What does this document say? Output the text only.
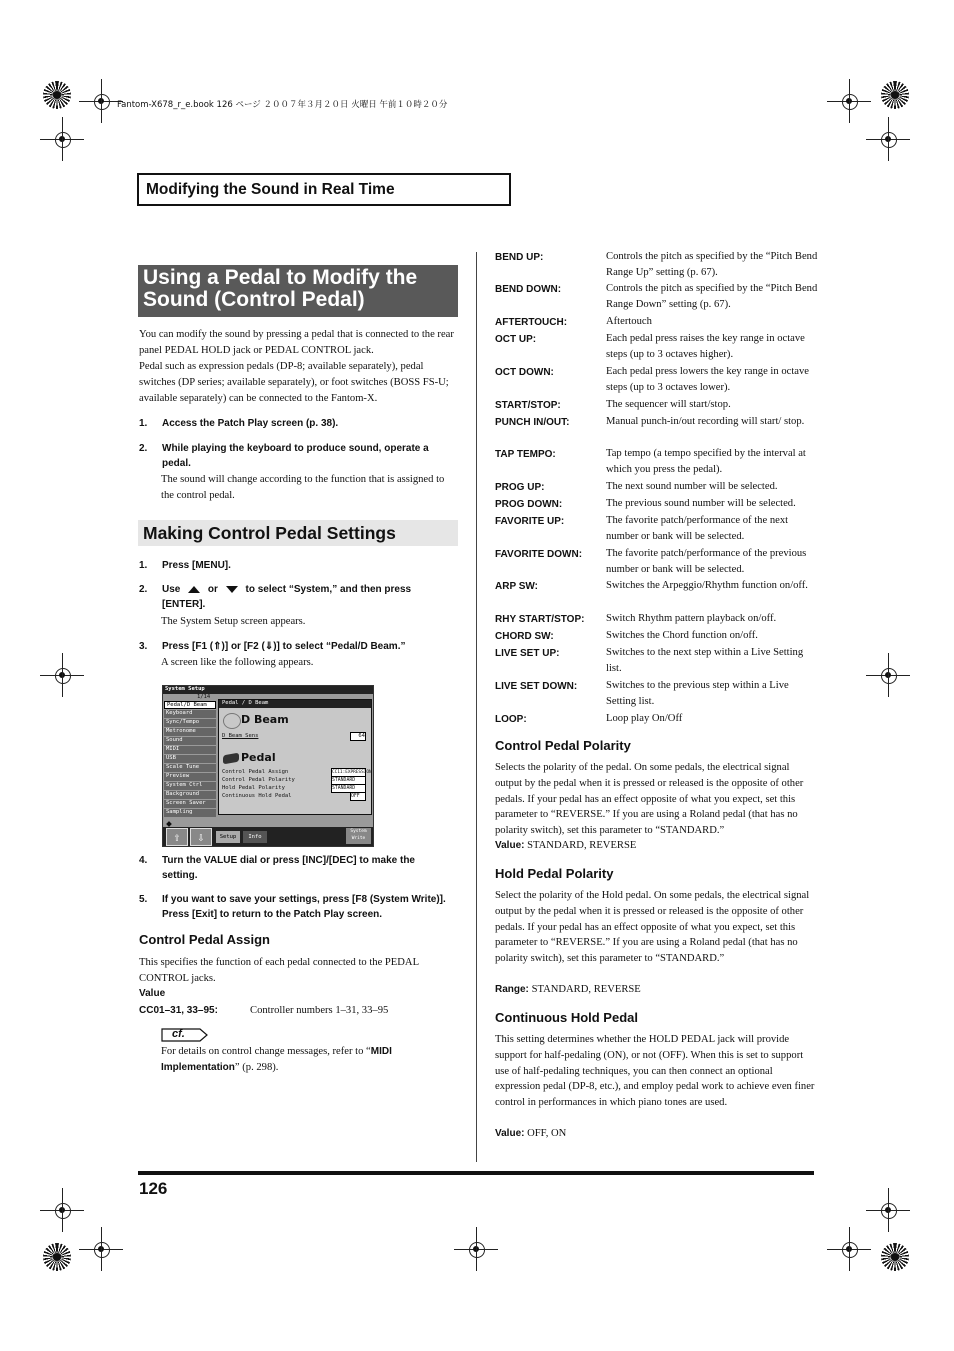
Fantom-X678_r_e.book 126 ページ ２００７年３月２０日 火曜日 午前１０時２０分
Modifying the Sound in Real Time
Using a Pedal to Modify the Sound (Control Pedal)
You can modify the sound by pressing a pedal that is connected to the rear panel PEDAL HOLD jack or PEDAL CONTROL jack.
Pedal such as expression pedals (DP-8; available separately), pedal switches (DP series; available separately), or foot switches (BOSS FS-U; available separately) can be connected to the Fantom-X.
1. Access the Patch Play screen (p. 38).
2. While playing the keyboard to produce sound, operate a pedal.
The sound will change according to the function that is assigned to the control pedal.
Making Control Pedal Settings
1. Press [MENU].
2. Use	or	to select “System,” and then press [ENTER].
The System Setup screen appears.
3. Press [F1 (⇑)] or [F2 (⇓)] to select “Pedal/D Beam.”
A screen like the following appears.
System Setup
1/14
Pedal/D Beam
Keyboard
Sync/Tempo
Metronome
Sound
MIDI
USB
Scale Tune
Preview
System Ctrl
Background
Screen Saver
Sampling
Pedal / D Beam
D Beam
D Beam Sens	64
Pedal
Control Pedal Assign	CC11:EXPRESSION
Control Pedal Polarity	STANDARD
Hold Pedal Polarity	STANDARD
Continuous Hold Pedal	OFF
⇧	⇩	Setup	Info
System Write
4. Turn the VALUE dial or press [INC]/[DEC] to make the setting.
5. If you want to save your settings, press [F8 (System Write)]. Press [Exit] to return to the Patch Play screen.
Control Pedal Assign
This specifies the function of each pedal connected to the PEDAL CONTROL jacks.
Value
CC01–31, 33–95:	Controller numbers 1–31, 33–95
cf.
For details on control change messages, refer to “MIDI Implementation” (p. 298).
BEND UP:	Controls the pitch as specified by the “Pitch Bend Range Up” setting (p. 67).
BEND DOWN:	Controls the pitch as specified by the “Pitch Bend Range Down” setting (p. 67).
AFTERTOUCH:	Aftertouch
OCT UP:	Each pedal press raises the key range in octave steps (up to 3 octaves higher).
OCT DOWN:	Each pedal press lowers the key range in octave steps (up to 3 octaves lower).
START/STOP:	The sequencer will start/stop.
PUNCH IN/OUT:	Manual punch-in/out recording will start/ stop.
TAP TEMPO:	Tap tempo (a tempo specified by the interval at which you press the pedal).
PROG UP:	The next sound number will be selected.
PROG DOWN:	The previous sound number will be selected.
FAVORITE UP:	The favorite patch/performance of the next number or bank will be selected.
FAVORITE DOWN: The favorite patch/performance of the previous number or bank will be selected.
ARP SW:	Switches the Arpeggio/Rhythm function on/off.
RHY START/STOP: Switch Rhythm pattern playback on/off.
CHORD SW:	Switches the Chord function on/off.
LIVE SET UP:	Switches to the next step within a Live Setting list.
LIVE SET DOWN:	Switches to the previous step within a Live Setting list.
LOOP:	Loop play On/Off
Control Pedal Polarity
Selects the polarity of the pedal. On some pedals, the electrical signal output by the pedal when it is pressed or released is the opposite of other pedals. If your pedal has an effect opposite of what you expect, set this parameter to “REVERSE.” If you are using a Roland pedal (that has no polarity switch), set this parameter to “STANDARD.”
Value: STANDARD, REVERSE
Hold Pedal Polarity
Select the polarity of the Hold pedal. On some pedals, the electrical signal output by the pedal when it is pressed or released is the opposite of other pedals. If your pedal has an effect opposite of what you expect, set this parameter to “REVERSE.” If you are using a Roland pedal (that has no polarity switch), set this parameter to “STANDARD.”
Range: STANDARD, REVERSE
Continuous Hold Pedal
This setting determines whether the HOLD PEDAL jack will provide support for half-pedaling (ON), or not (OFF). When this is set to support use of half-pedaling techniques, you can then connect an optional expression pedal (DP-8, etc.), and employ pedal work to achieve even finer control in performances in which piano tones are used.
Value: OFF, ON
126
